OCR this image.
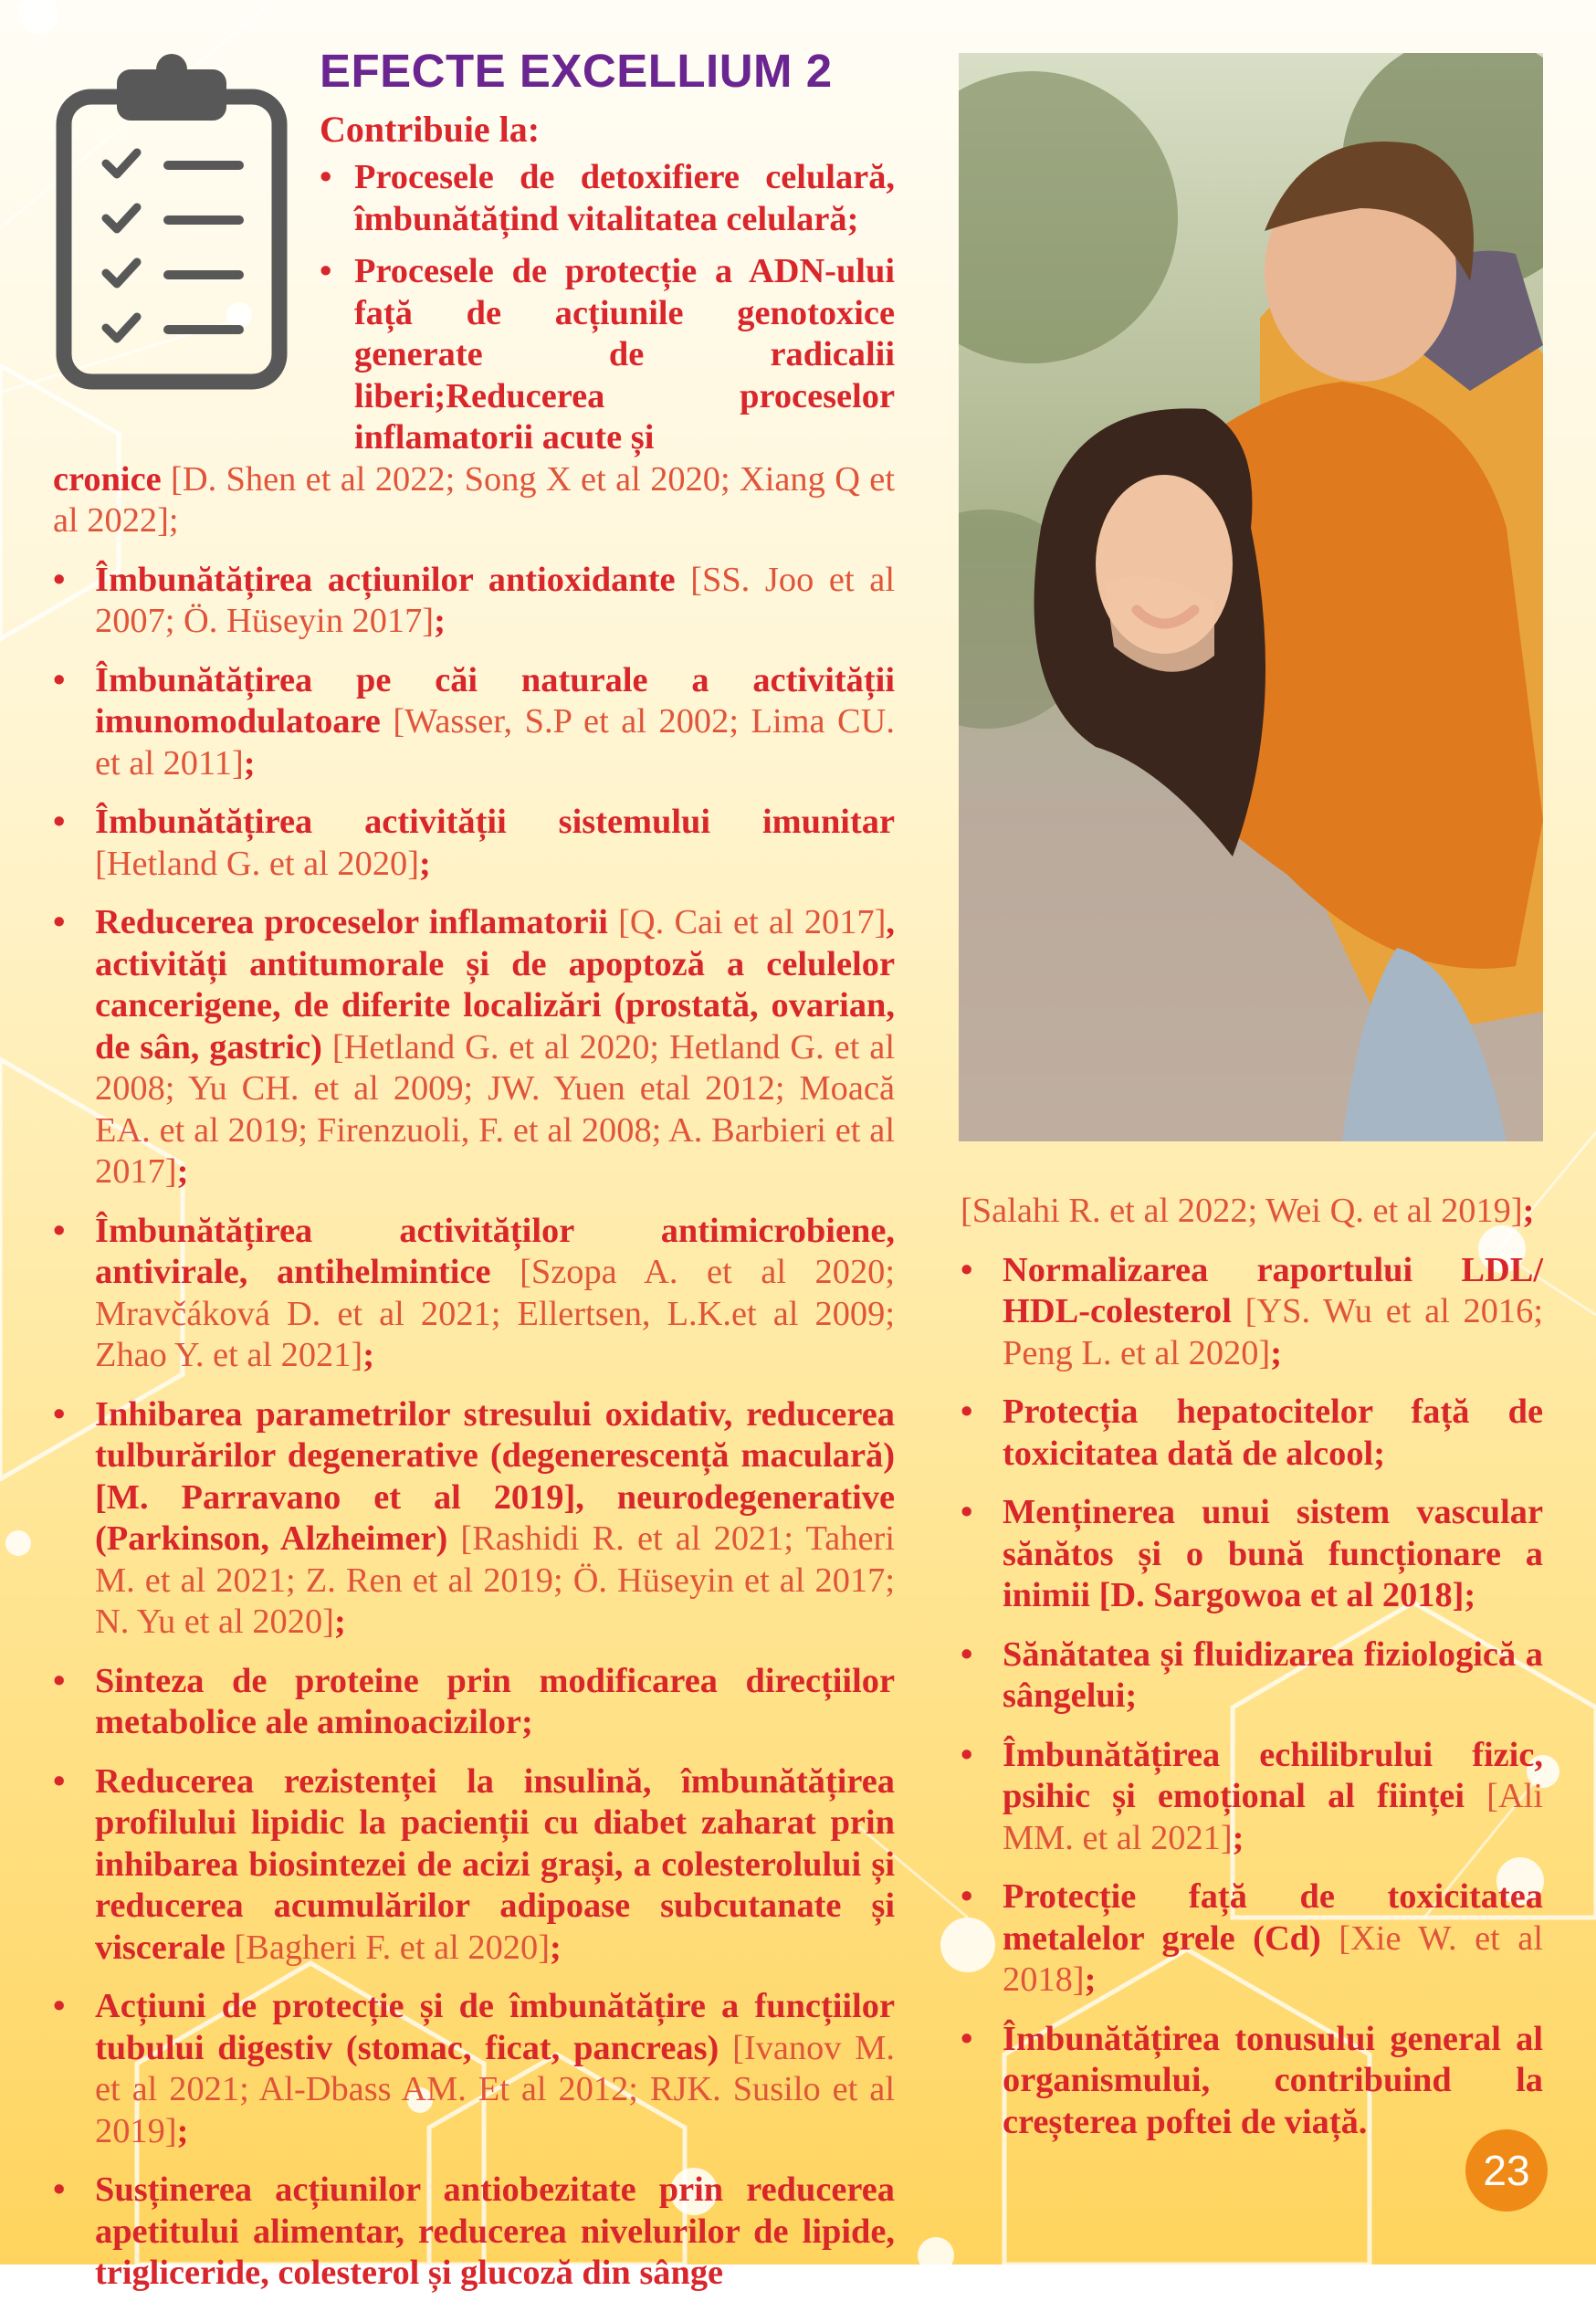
EFECTE EXCELLIUM 2

Contribuie la:

• Procesele de detoxifiere celulară, îmbunătățind vitalitatea celulară;

• Procesele de protecție a ADN-ului față de acțiunile genotoxice generate de radicalii liberi;Reducerea proceselor inflamatorii acute și

cronice [D. Shen et al 2022; Song X et al 2020; Xiang Q et al 2022];

• Îmbunătățirea acțiunilor antioxidante [SS. Joo et al 2007; Ö. Hüseyin 2017];

• Îmbunătățirea pe căi naturale a activității imunomodulatoare [Wasser, S.P et al 2002; Lima CU. et al 2011];

• Îmbunătățirea activității sistemului imunitar [Hetland G. et al 2020];

• Reducerea proceselor inflamatorii [Q. Cai et al 2017], activități antitumorale și de apoptoză a celulelor cancerigene, de diferite localizări (prostată, ovarian, de sân, gastric) [Hetland G. et al 2020; Hetland G. et al 2008; Yu CH. et al 2009; JW. Yuen etal 2012; Moacă EA. et al 2019; Firenzuoli, F. et al 2008; A. Barbieri et al 2017];

• Îmbunătățirea activităților antimicrobiene, antivirale, antihelmintice [Szopa A. et al 2020; Mravčáková D. et al 2021; Ellertsen, L.K.et al 2009; Zhao Y. et al 2021];

• Inhibarea parametrilor stresului oxidativ, reducerea tulburărilor degenerative (degenerescență maculară) [M. Parravano et al 2019], neurodegenerative (Parkinson, Alzheimer) [Rashidi R. et al 2021; Taheri M. et al 2021; Z. Ren et al 2019; Ö. Hüseyin et al 2017; N. Yu et al 2020];

• Sinteza de proteine prin modificarea direcțiilor metabolice ale aminoacizilor;

• Reducerea rezistenței la insulină, îmbunătățirea profilului lipidic la pacienții cu diabet zaharat prin inhibarea biosintezei de acizi grași, a colesterolului și reducerea acumulărilor adipoase subcutanate și viscerale [Bagheri F. et al 2020];

• Acțiuni de protecție și de îmbunătățire a funcțiilor tubului digestiv (stomac, ficat, pancreas) [Ivanov M. et al 2021; Al-Dbass AM. Et al 2012; RJK. Susilo et al 2019];

• Susținerea acțiunilor antiobezitate prin reducerea apetitului alimentar, reducerea nivelurilor de lipide, trigliceride, colesterol și glucoză din sânge

[Salahi R. et al 2022; Wei Q. et al 2019];

• Normalizarea raportului LDL/ HDL-colesterol [YS. Wu et al 2016; Peng L. et al 2020];

• Protecția hepatocitelor față de toxicitatea dată de alcool;

• Menținerea unui sistem vascular sănătos și o bună funcționare a inimii [D. Sargowoa et al 2018];

• Sănătatea și fluidizarea fiziologică a sângelui;

• Îmbunătățirea echilibrului fizic, psihic și emoțional al ființei [Ali MM. et al 2021];

• Protecție față de toxicitatea metalelor grele (Cd) [Xie W. et al 2018];

• Îmbunătățirea tonusului general al organismului, contribuind la creșterea poftei de viață.

23
